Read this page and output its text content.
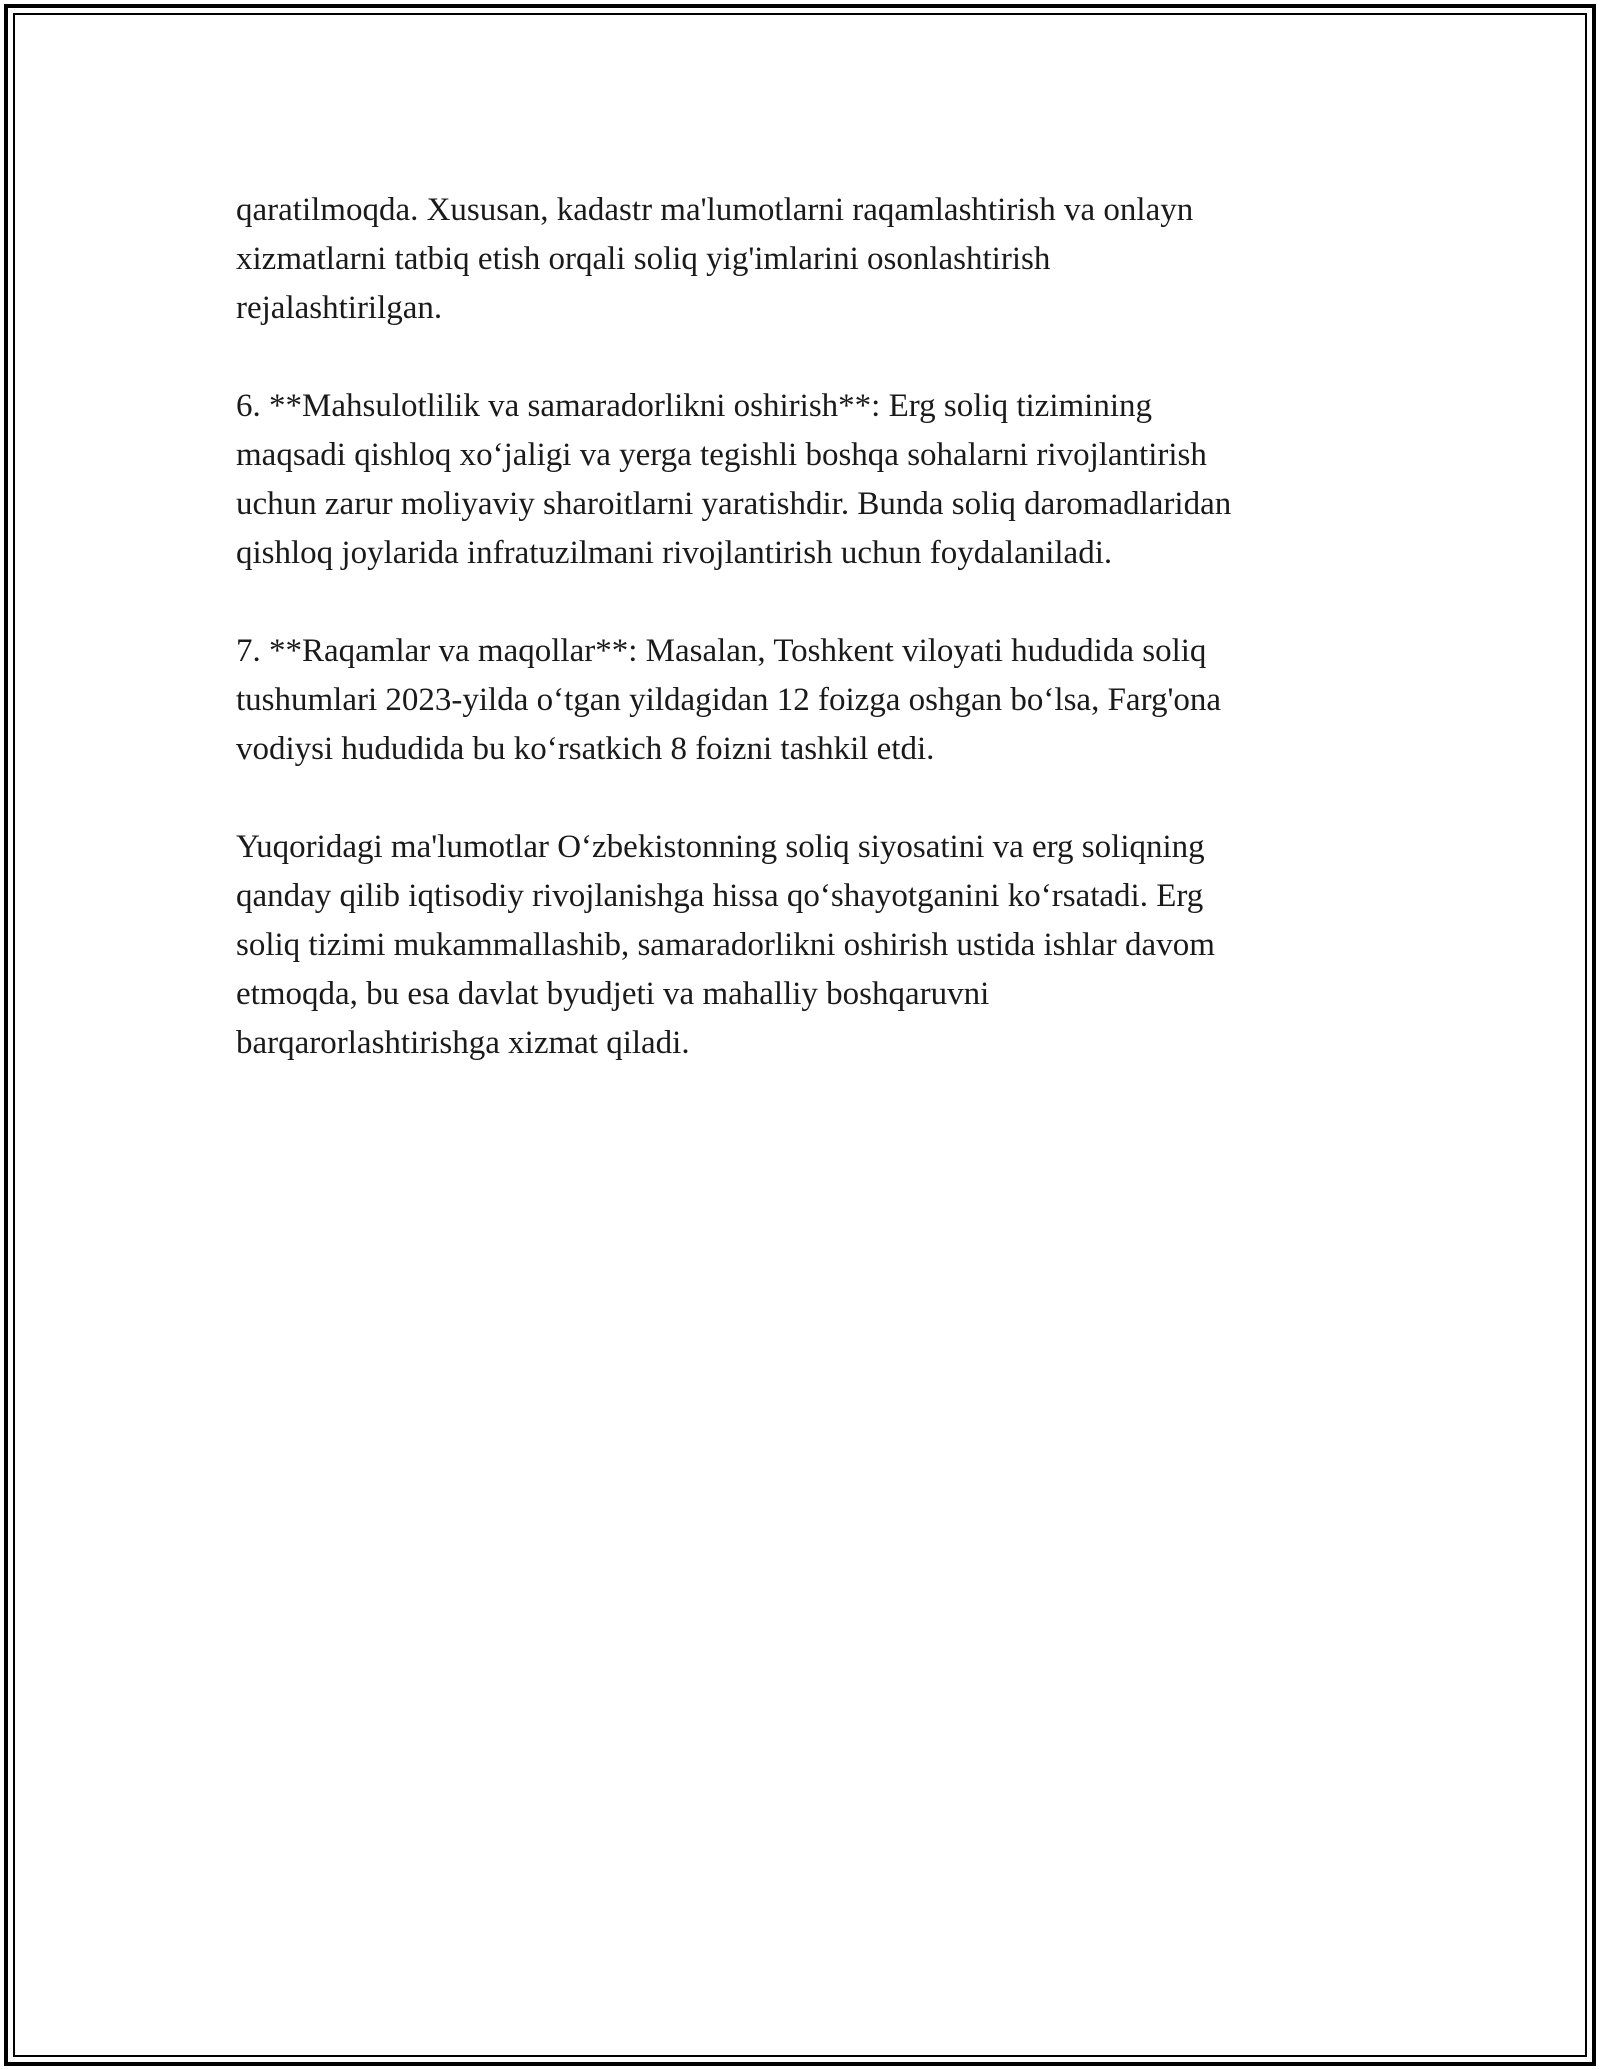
qaratilmoqda. Xususan, kadastr ma'lumotlarni raqamlashtirish va onlayn
xizmatlarni tatbiq etish orqali soliq yig'imlarini osonlashtirish
rejalashtirilgan.

6. **Mahsulotlilik va samaradorlikni oshirish**: Erg soliq tizimining
maqsadi qishloq xo‘jaligi va yerga tegishli boshqa sohalarni rivojlantirish
uchun zarur moliyaviy sharoitlarni yaratishdir. Bunda soliq daromadlaridan
qishloq joylarida infratuzilmani rivojlantirish uchun foydalaniladi.

7. **Raqamlar va maqollar**: Masalan, Toshkent viloyati hududida soliq
tushumlari 2023-yilda o‘tgan yildagidan 12 foizga oshgan bo‘lsa, Farg'ona
vodiysi hududida bu ko‘rsatkich 8 foizni tashkil etdi.

Yuqoridagi ma'lumotlar O‘zbekistonning soliq siyosatini va erg soliqning
qanday qilib iqtisodiy rivojlanishga hissa qo‘shayotganini ko‘rsatadi. Erg
soliq tizimi mukammallashib, samaradorlikni oshirish ustida ishlar davom
etmoqda, bu esa davlat byudjeti va mahalliy boshqaruvni
barqarorlashtirishga xizmat qiladi.
